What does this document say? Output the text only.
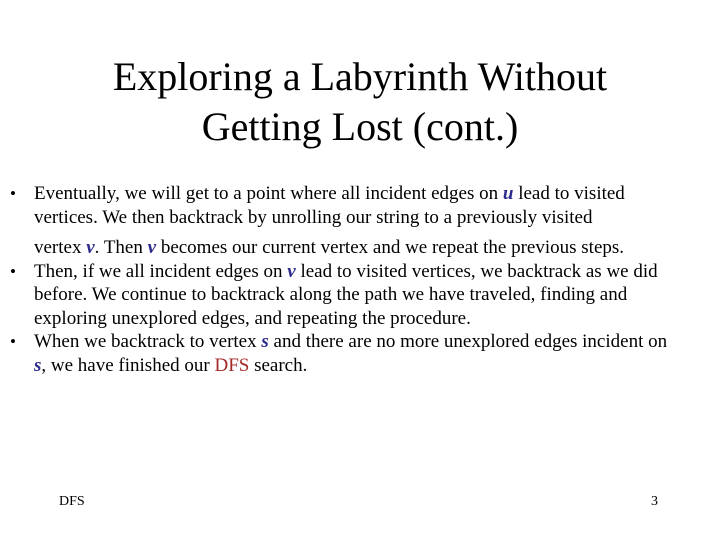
Exploring a Labyrinth Without
Getting Lost (cont.)
• Eventually, we will get to a point where all incident edges on u lead to visited vertices. We then backtrack by unrolling our string to a previously visited
vertex v. Then v becomes our current vertex and we repeat the previous steps.
• Then, if we all incident edges on v lead to visited vertices, we backtrack as we did before. We continue to backtrack along the path we have traveled, finding and exploring unexplored edges, and repeating the procedure.
• When we backtrack to vertex s and there are no more unexplored edges incident on s, we have finished our DFS search.
DFS	3
